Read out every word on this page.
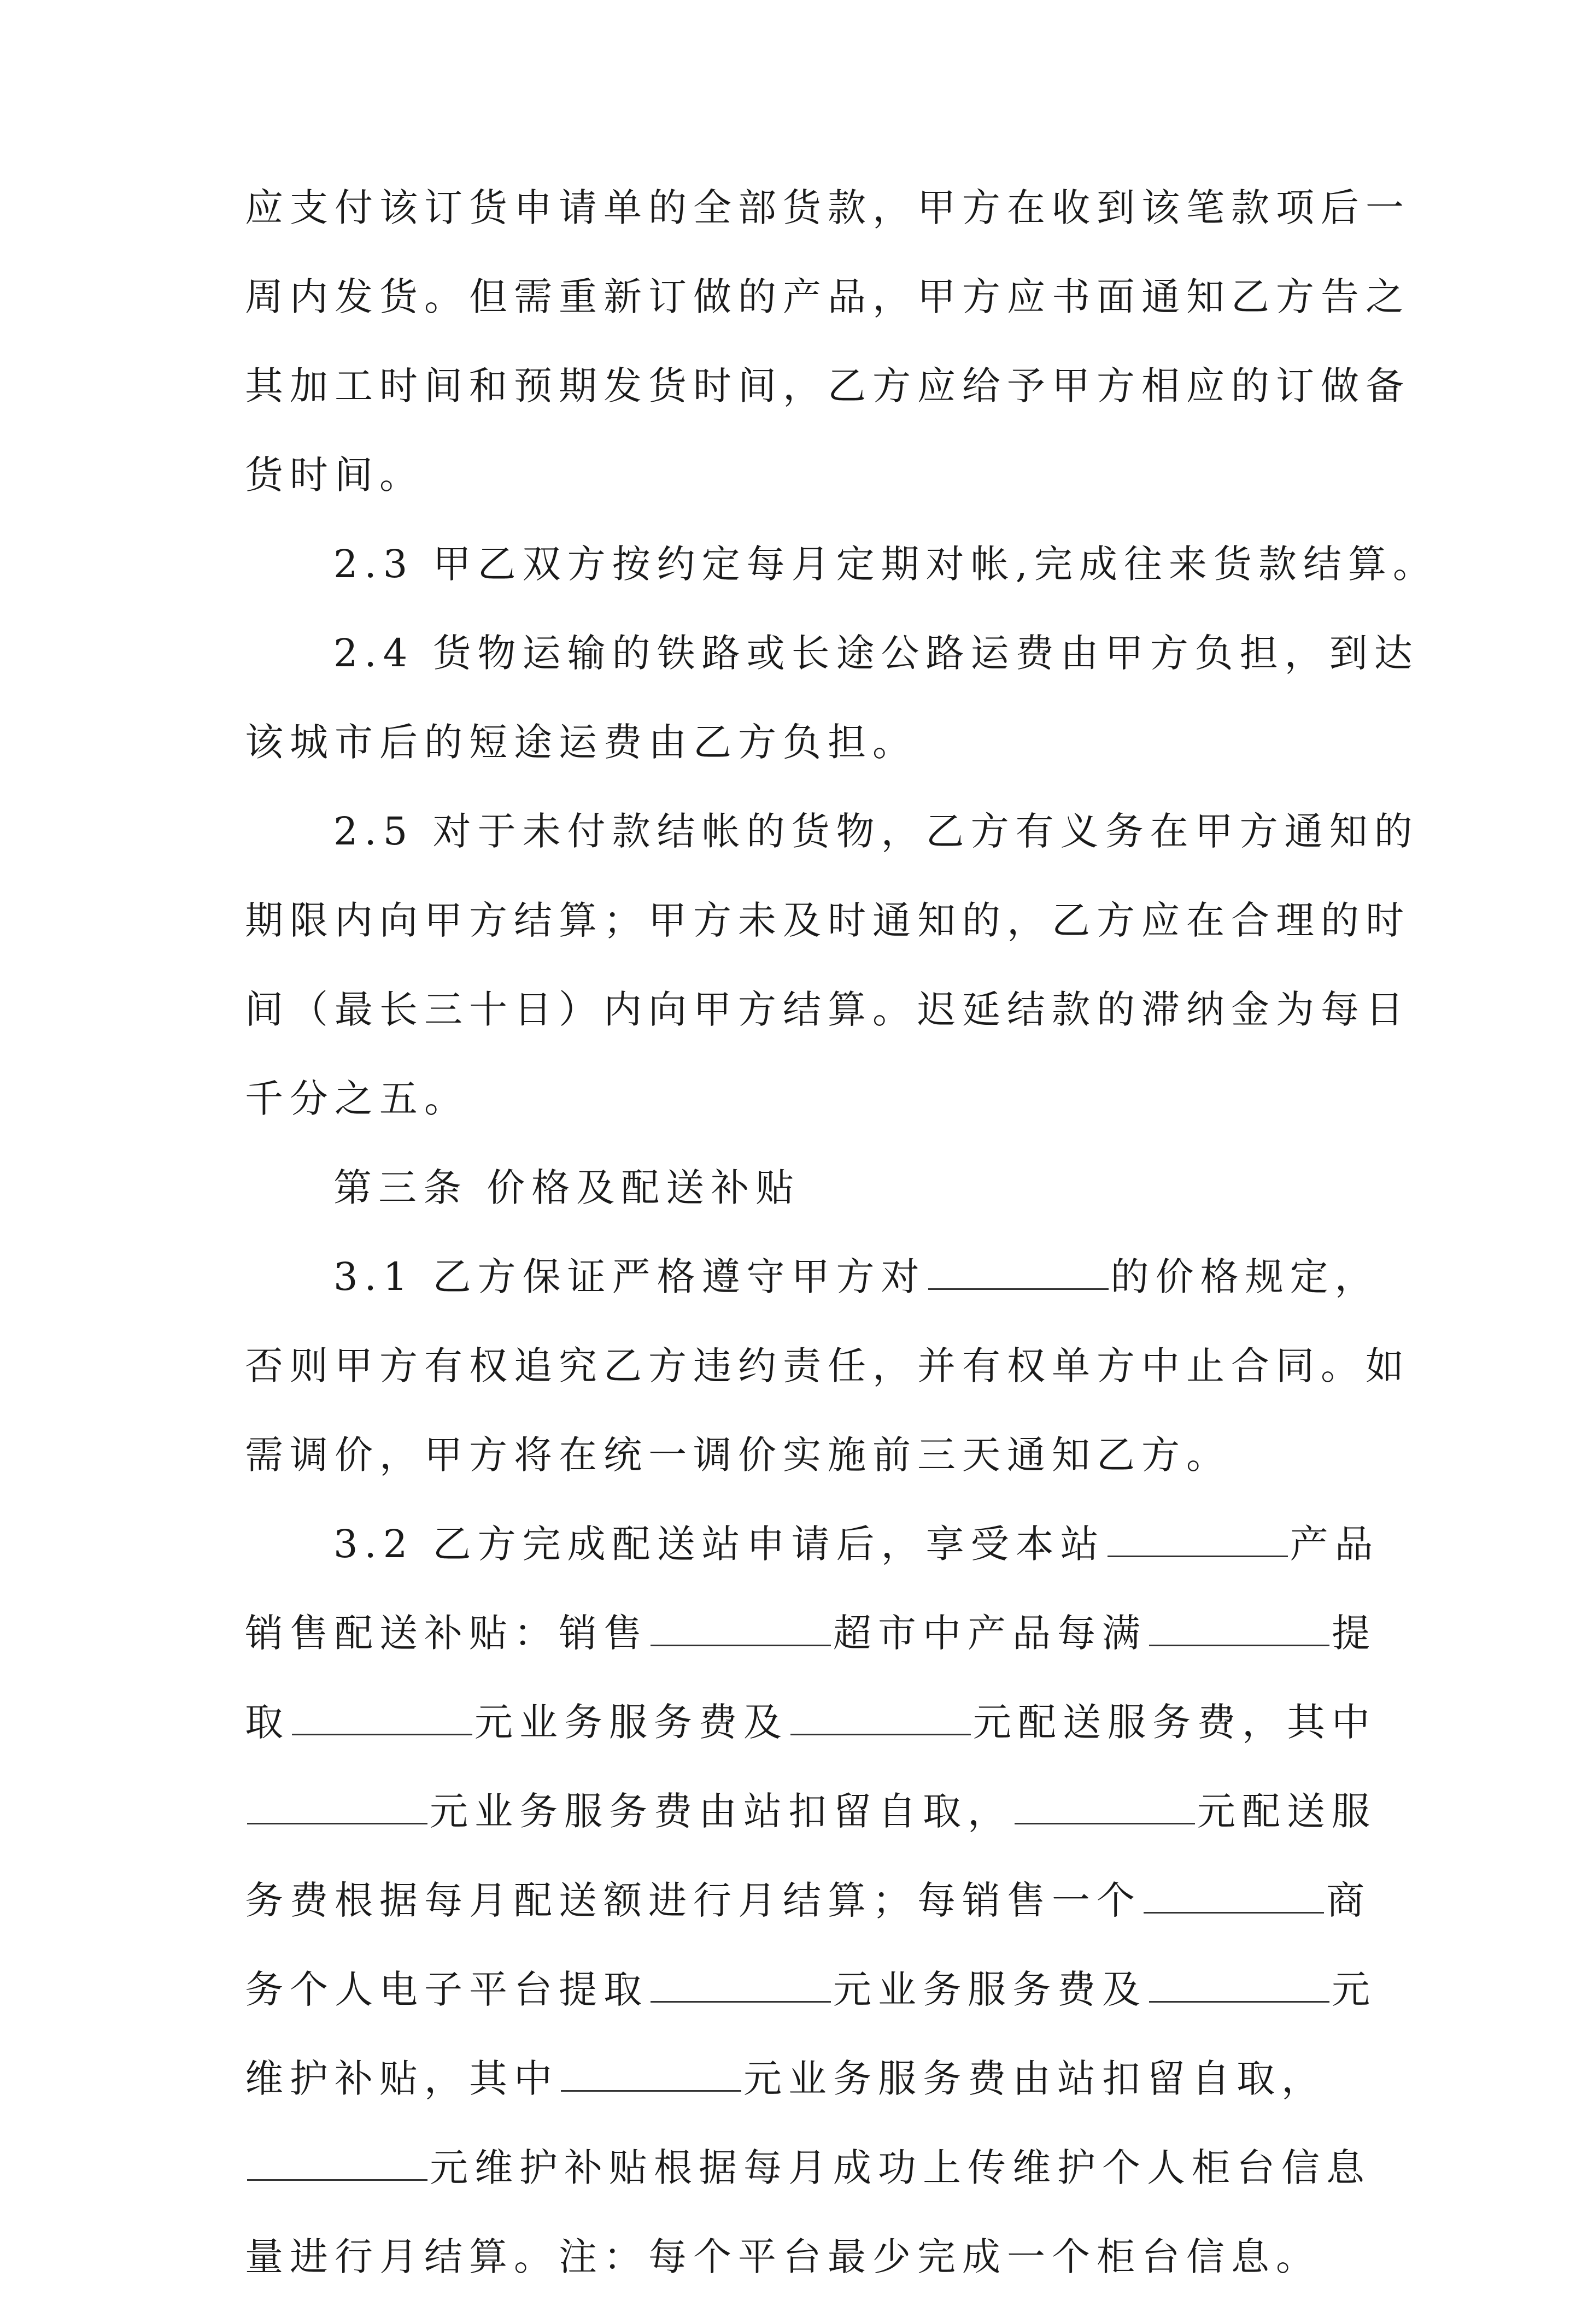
应支付该订货申请单的全部货款，甲方在收到该笔款项后一
周内发货。但需重新订做的产品，甲方应书面通知乙方告之
其加工时间和预期发货时间，乙方应给予甲方相应的订做备
货时间。
2.3 甲乙双方按约定每月定期对帐,完成往来货款结算。
2.4 货物运输的铁路或长途公路运费由甲方负担，到达
该城市后的短途运费由乙方负担。
2.5 对于未付款结帐的货物，乙方有义务在甲方通知的
期限内向甲方结算；甲方未及时通知的，乙方应在合理的时
间（最长三十日）内向甲方结算。迟延结款的滞纳金为每日
千分之五。
第三条 价格及配送补贴
3.1 乙方保证严格遵守甲方对	的价格规定，
否则甲方有权追究乙方违约责任，并有权单方中止合同。如
需调价，甲方将在统一调价实施前三天通知乙方。
3.2 乙方完成配送站申请后，享受本站	产品
销售配送补贴：销售	超市中产品每满	提
取	元业务服务费及	元配送服务费，其中
元业务服务费由站扣留自取，	元配送服
务费根据每月配送额进行月结算；每销售一个	商
务个人电子平台提取	元业务服务费及	元
维护补贴，其中	元业务服务费由站扣留自取，
元维护补贴根据每月成功上传维护个人柜台信息
量进行月结算。注：每个平台最少完成一个柜台信息。
